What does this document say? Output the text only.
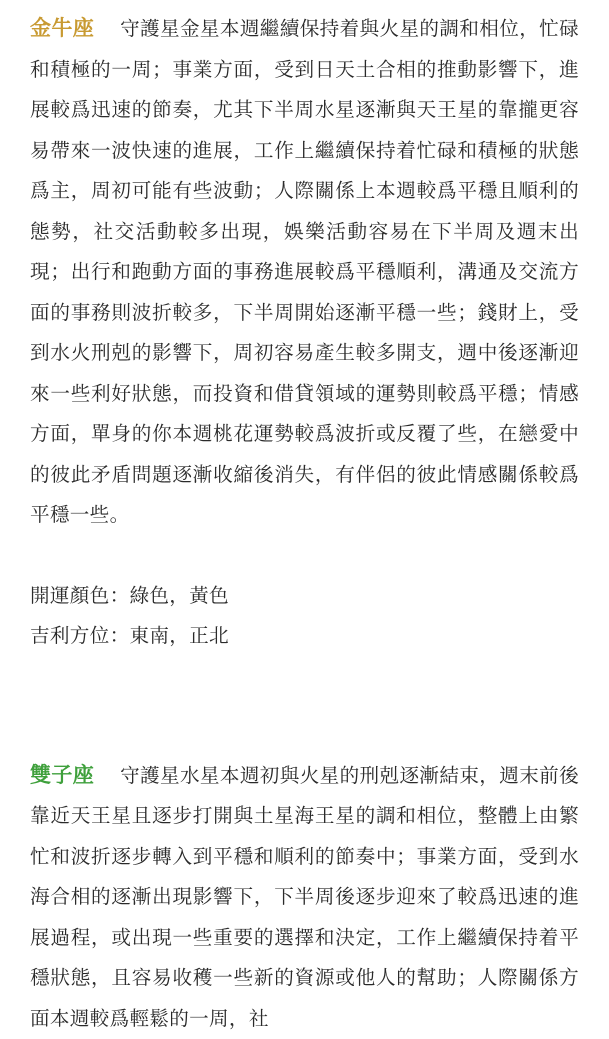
金牛座 守護星金星本週繼續保持着與火星的調和相位，忙碌和積極的一周；事業方面，受到日天土合相的推動影響下，進展較爲迅速的節奏，尤其下半周水星逐漸與天王星的靠攏更容易帶來一波快速的進展，工作上繼續保持着忙碌和積極的狀態爲主，周初可能有些波動；人際關係上本週較爲平穩且順利的態勢，社交活動較多出現，娛樂活動容易在下半周及週末出現；出行和跑動方面的事務進展較爲平穩順利，溝通及交流方面的事務則波折較多，下半周開始逐漸平穩一些；錢財上，受到水火刑剋的影響下，周初容易產生較多開支，週中後逐漸迎來一些利好狀態，而投資和借貸領域的運勢則較爲平穩；情感方面，單身的你本週桃花運勢較爲波折或反覆了些，在戀愛中的彼此矛盾問題逐漸收縮後消失，有伴侶的彼此情感關係較爲平穩一些。

開運顏色：綠色，黃色

吉利方位：東南，正北

雙子座 守護星水星本週初與火星的刑剋逐漸結束，週末前後靠近天王星且逐步打開與土星海王星的調和相位，整體上由繁忙和波折逐步轉入到平穩和順利的節奏中；事業方面，受到水海合相的逐漸出現影響下，下半周後逐步迎來了較爲迅速的進展過程，或出現一些重要的選擇和決定，工作上繼續保持着平穩狀態，且容易收穫一些新的資源或他人的幫助；人際關係方面本週較爲輕鬆的一周，社
